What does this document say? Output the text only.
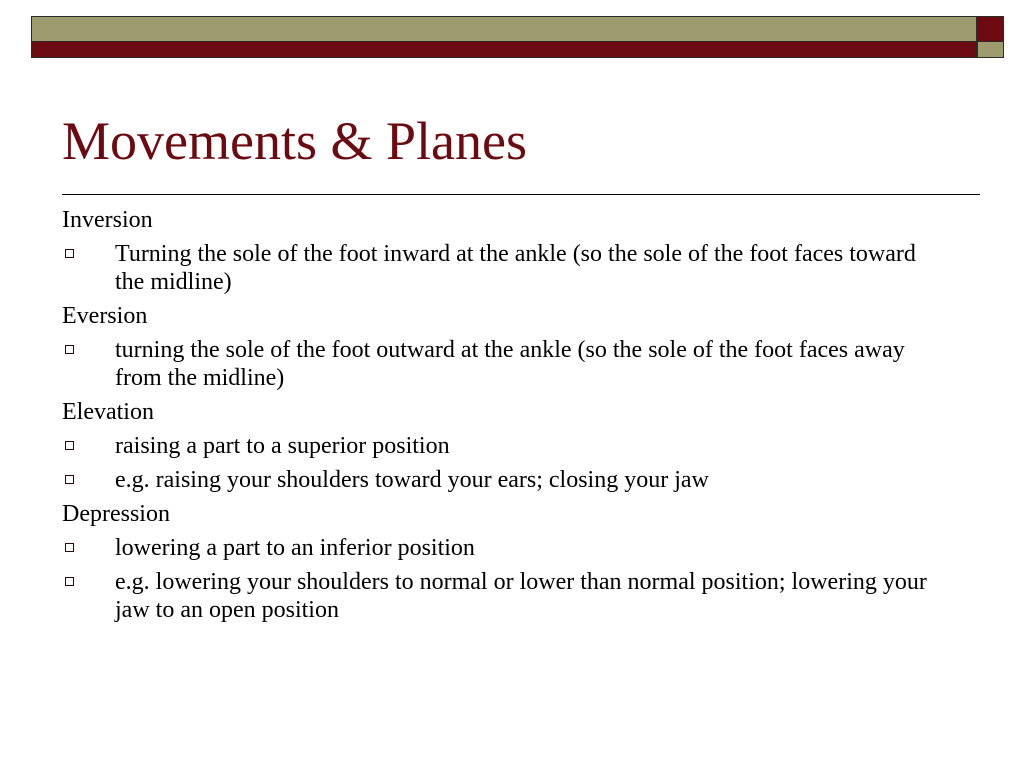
Movements & Planes
Inversion
Turning the sole of the foot inward at the ankle (so the sole of the foot faces toward the midline)
Eversion
turning the sole of the foot outward at the ankle (so the sole of the foot faces away from the midline)
Elevation
raising a part to a superior position
e.g. raising your shoulders toward your ears; closing your jaw
Depression
lowering a part to an inferior position
e.g. lowering your shoulders to normal or lower than normal position; lowering your jaw to an open position
